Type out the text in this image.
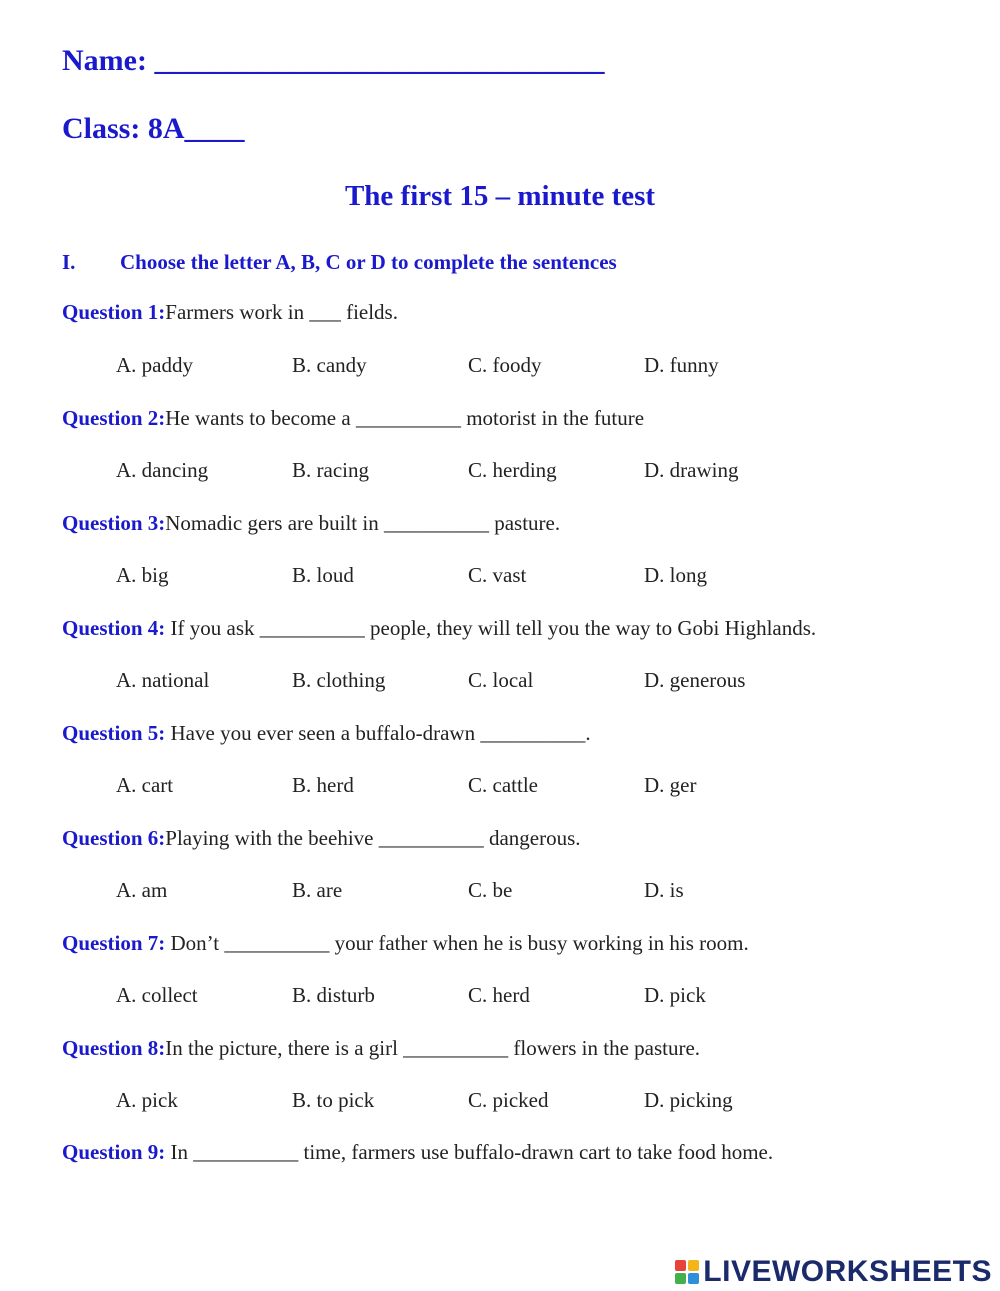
Name: ______________________________
Class: 8A____
The first 15 – minute test
I. Choose the letter A, B, C or D to complete the sentences
Question 1:Farmers work in ___ fields.
A. paddy	B. candy	C. foody	D. funny
Question 2:He wants to become a __________ motorist in the future
A. dancing	B. racing	C. herding	D. drawing
Question 3:Nomadic gers are built in __________ pasture.
A. big	B. loud	C. vast	D. long
Question 4: If you ask __________ people, they will tell you the way to Gobi Highlands.
A. national	B. clothing	C. local	D. generous
Question 5: Have you ever seen a buffalo-drawn __________.
A. cart	B. herd	C. cattle	D. ger
Question 6:Playing with the beehive __________ dangerous.
A. am	B. are	C. be	D. is
Question 7: Don’t __________ your father when he is busy working in his room.
A. collect	B. disturb	C. herd	D. pick
Question 8:In the picture, there is a girl __________ flowers in the pasture.
A. pick	B. to pick	C. picked	D. picking
Question 9: In __________ time, farmers use buffalo-drawn cart to take food home.
LIVEWORKSHEETS
